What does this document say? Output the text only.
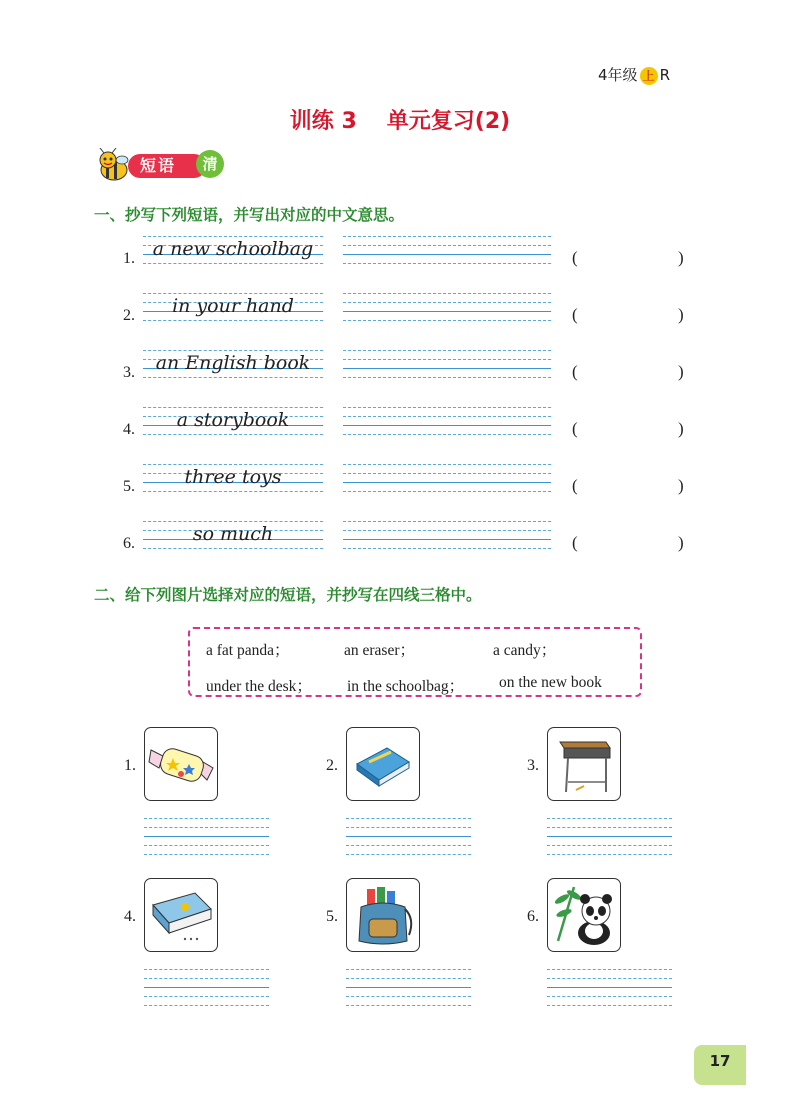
4年级 上 R
训练 3 单元复习(2)
短语	清
一、抄写下列短语，并写出对应的中文意思。
1. a new schoolbag	(	)
2.	in your hand	(	)
3.	an English book	(	)
4.	a storybook	(	)
5.	three toys	(	)
6.	so much	(	)
二、给下列图片选择对应的短语，并抄写在四线三格中。
a fat panda；	an eraser；	a candy；
under the desk； in the schoolbag； on the new book
1.	2.	3.
4.	5.	6.
17
